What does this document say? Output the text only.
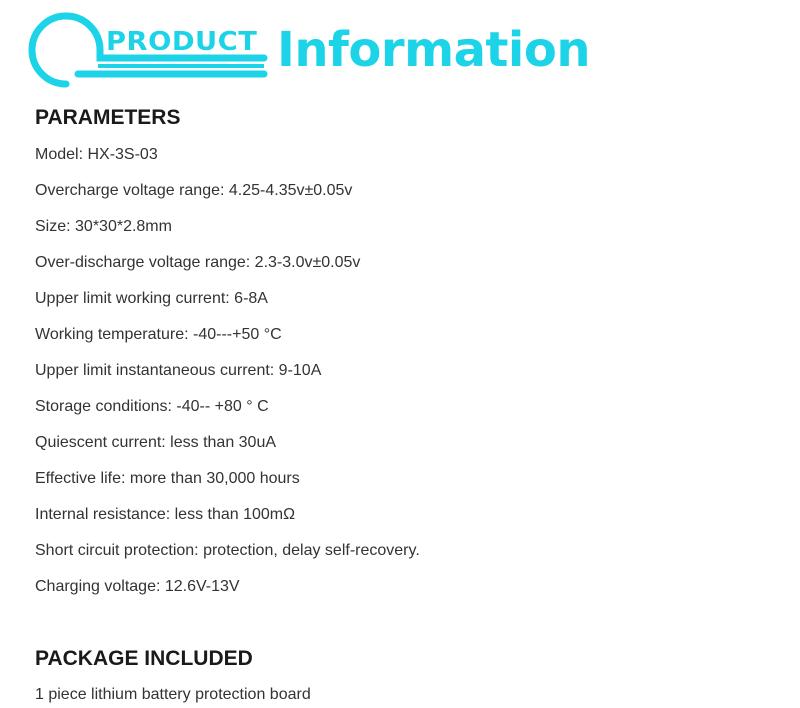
PRODUCT Information
PARAMETERS
Model: HX-3S-03
Overcharge voltage range: 4.25-4.35v±0.05v
Size: 30*30*2.8mm
Over-discharge voltage range: 2.3-3.0v±0.05v
Upper limit working current: 6-8A
Working temperature: -40---+50 °C
Upper limit instantaneous current: 9-10A
Storage conditions: -40-- +80 ° C
Quiescent current: less than 30uA
Effective life: more than 30,000 hours
Internal resistance: less than 100mΩ
Short circuit protection: protection, delay self-recovery.
Charging voltage: 12.6V-13V
PACKAGE INCLUDED
1 piece lithium battery protection board
